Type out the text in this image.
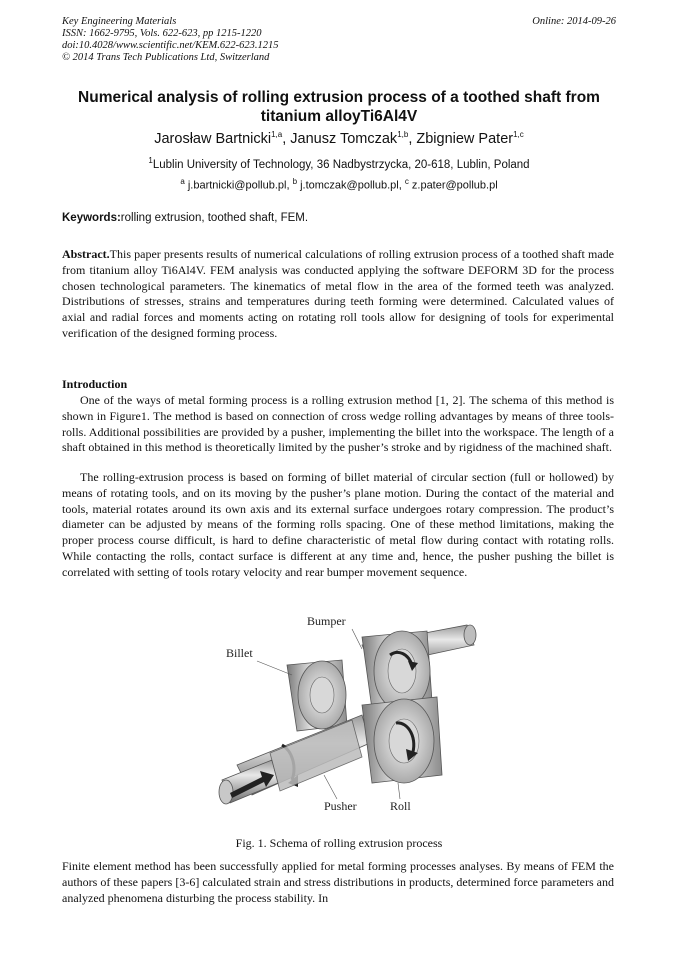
Key Engineering Materials
ISSN: 1662-9795, Vols. 622-623, pp 1215-1220
doi:10.4028/www.scientific.net/KEM.622-623.1215
© 2014 Trans Tech Publications Ltd, Switzerland
Online: 2014-09-26
Numerical analysis of rolling extrusion process of a toothed shaft from titanium alloyTi6Al4V
Jarosław Bartnicki$^{1,a}$, Janusz Tomczak$^{1,b}$, Zbigniew Pater$^{1,c}$
$^1$Lublin University of Technology, 36 Nadbystrzycka, 20-618, Lublin, Poland
$^a$ j.bartnicki@pollub.pl, $^b$ j.tomczak@pollub.pl, $^c$ z.pater@pollub.pl
Keywords:rolling extrusion, toothed shaft, FEM.
Abstract.This paper presents results of numerical calculations of rolling extrusion process of a toothed shaft made from titanium alloy Ti6Al4V. FEM analysis was conducted applying the software DEFORM 3D for the process chosen technological parameters. The kinematics of metal flow in the area of the formed teeth was analyzed. Distributions of stresses, strains and temperatures during teeth forming were determined. Calculated values of axial and radial forces and moments acting on rotating roll tools allow for designing of tools for experimental verification of the designed forming process.
Introduction
One of the ways of metal forming process is a rolling extrusion method [1, 2]. The schema of this method is shown in Figure1. The method is based on connection of cross wedge rolling advantages by means of three tools-rolls. Additional possibilities are provided by a pusher, implementing the billet into the workspace. The length of a shaft obtained in this method is theoretically limited by the pusher’s stroke and by rigidness of the machined shaft.
The rolling-extrusion process is based on forming of billet material of circular section (full or hollowed) by means of rotating tools, and on its moving by the pusher’s plane motion. During the contact of the material and tools, material rotates around its own axis and its external surface undergoes rotary compression. The product’s diameter can be adjusted by means of the forming rolls spacing. One of these method limitations, making the proper process course difficult, is hard to define characteristic of metal flow during contact with rotating rolls. While contacting the rolls, contact surface is different at any time and, hence, the pusher pushing the billet is correlated with setting of tools rotary velocity and rear bumper movement sequence.
Bumper
Billet
Pusher	Roll
Fig. 1. Schema of rolling extrusion process
Finite element method has been successfully applied for metal forming processes analyses. By means of FEM the authors of these papers [3-6] calculated strain and stress distributions in products, determined force parameters and analyzed phenomena disturbing the process stability. In
